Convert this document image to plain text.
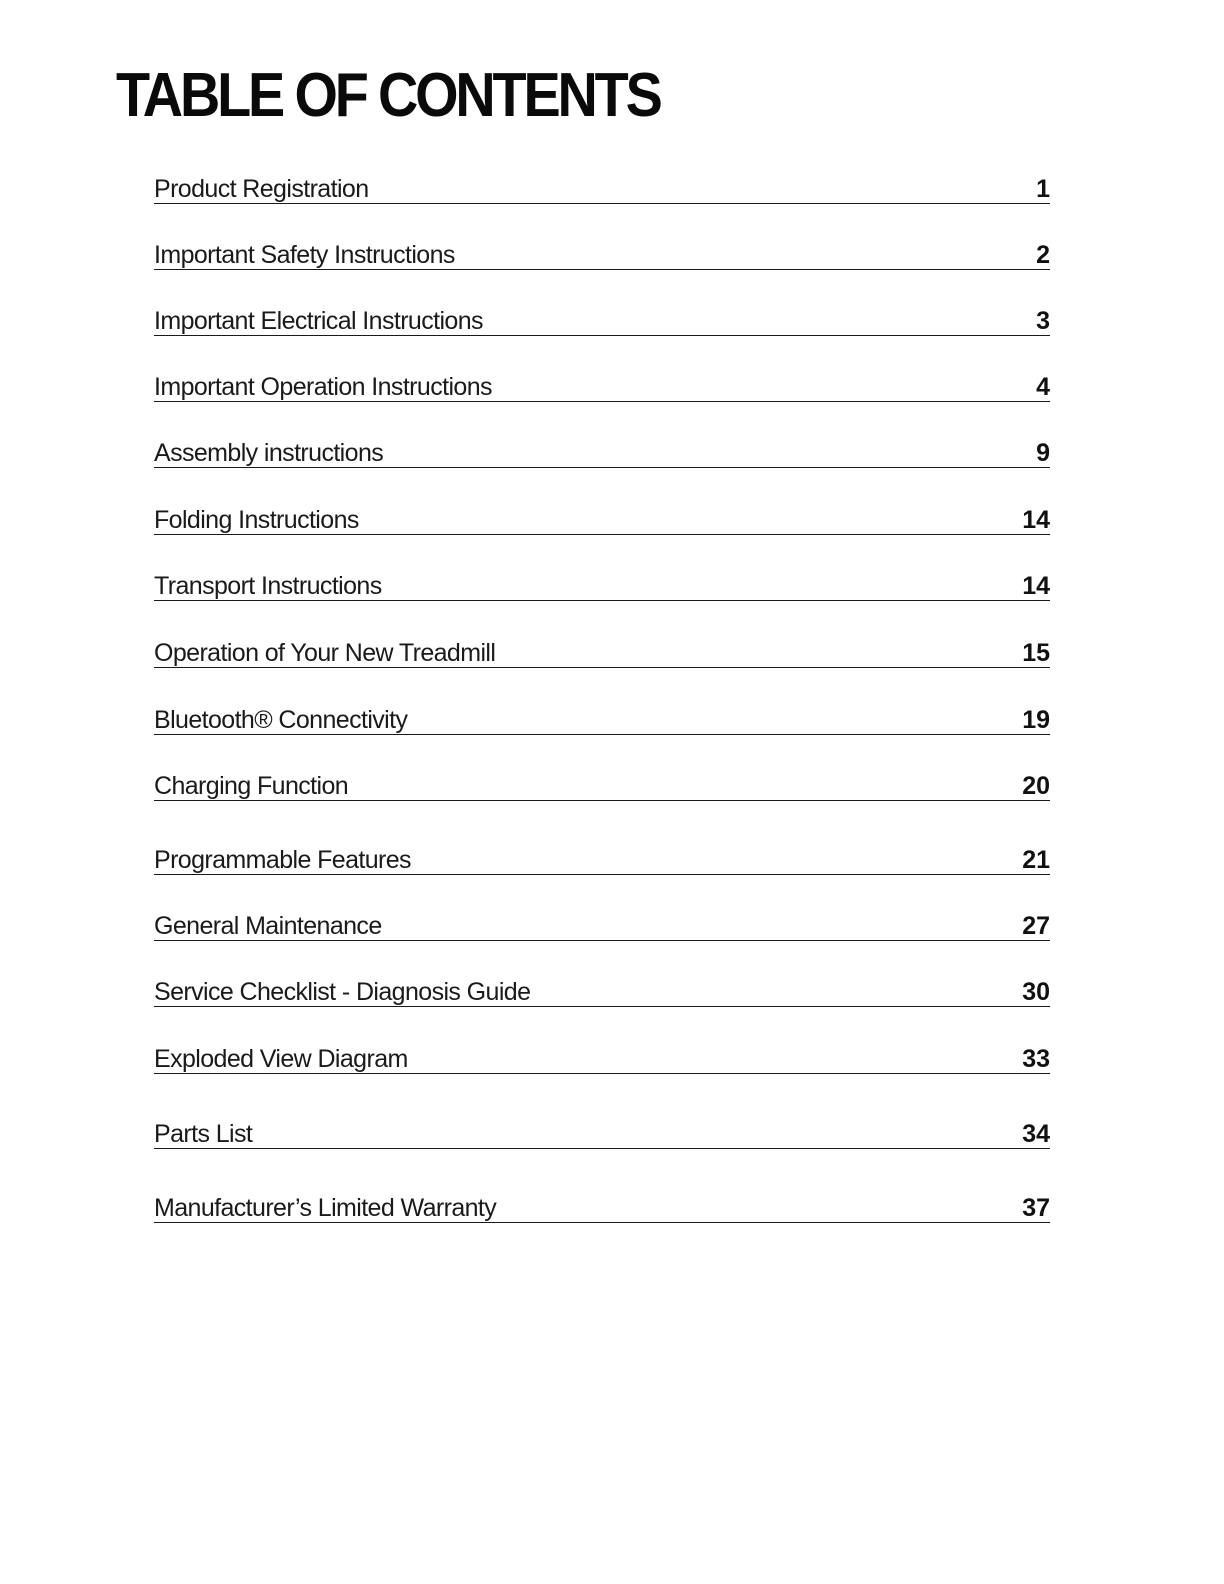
TABLE OF CONTENTS
Product Registration	1
Important Safety Instructions	2
Important Electrical Instructions	3
Important Operation Instructions	4
Assembly instructions	9
Folding Instructions	14
Transport Instructions	14
Operation of Your New Treadmill	15
Bluetooth® Connectivity	19
Charging Function	20
Programmable Features	21
General Maintenance	27
Service Checklist - Diagnosis Guide	30
Exploded View Diagram	33
Parts List	34
Manufacturer’s Limited Warranty	37
